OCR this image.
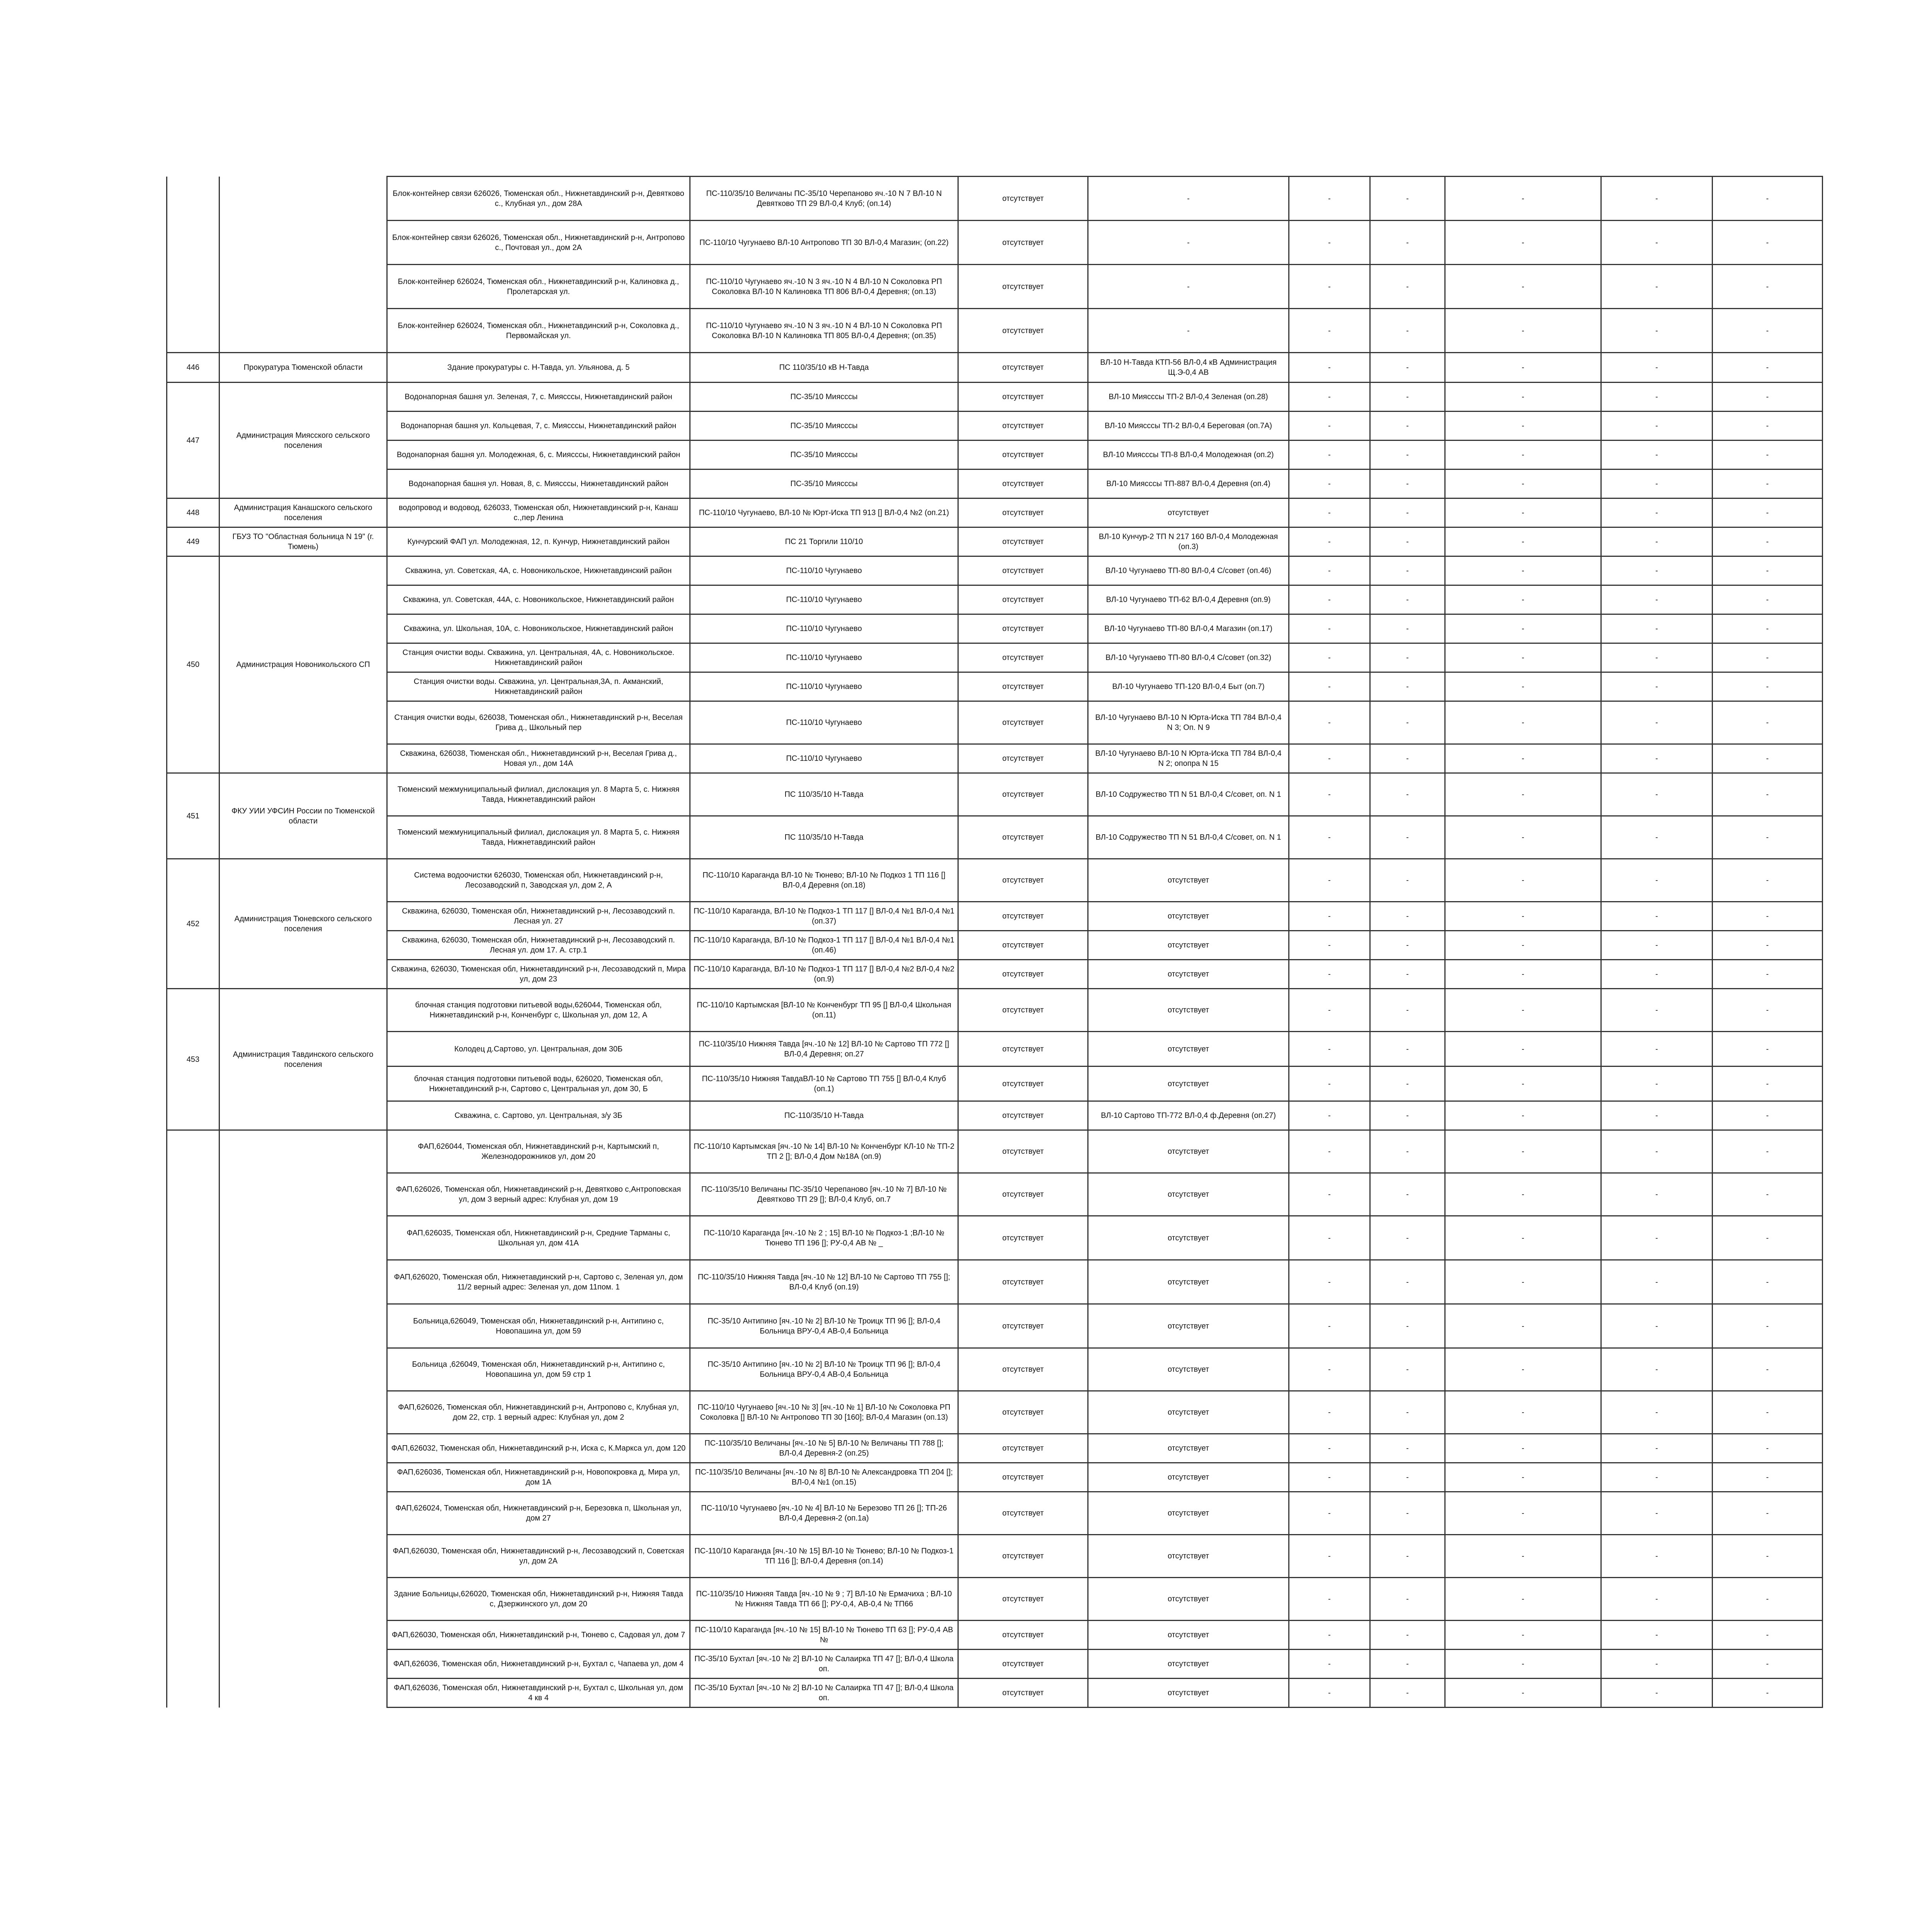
		Блок-контейнер связи 626026, Тюменская обл., Нижнетавдинский р-н, Девятково с., Клубная ул., дом 28А	ПС-110/35/10 Величаны ПС-35/10 Черепаново яч.-10 N 7 ВЛ-10 N Девятково ТП 29 ВЛ-0,4 Клуб; (оп.14)	отсутствует	-	-	-	-	-	-
		Блок-контейнер связи 626026, Тюменская обл., Нижнетавдинский р-н, Антропово с., Почтовая ул., дом 2А	ПС-110/10 Чугунаево ВЛ-10 Антропово ТП 30 ВЛ-0,4 Магазин; (оп.22)	отсутствует	-	-	-	-	-	-
		Блок-контейнер 626024, Тюменская обл., Нижнетавдинский р-н, Калиновка д., Пролетарская ул.	ПС-110/10 Чугунаево яч.-10 N 3 яч.-10 N 4 ВЛ-10 N Соколовка РП Соколовка ВЛ-10 N Калиновка ТП 806 ВЛ-0,4 Деревня; (оп.13)	отсутствует	-	-	-	-	-	-
		Блок-контейнер 626024, Тюменская обл., Нижнетавдинский р-н, Соколовка д., Первомайская ул.	ПС-110/10 Чугунаево яч.-10 N 3 яч.-10 N 4 ВЛ-10 N Соколовка РП Соколовка ВЛ-10 N Калиновка ТП 805 ВЛ-0,4 Деревня; (оп.35)	отсутствует	-	-	-	-	-	-
446	Прокуратура Тюменской области	Здание прокуратуры с. Н-Тавда, ул. Ульянова, д. 5	ПС 110/35/10 кВ Н-Тавда	отсутствует	ВЛ-10 Н-Тавда КТП-56 ВЛ-0,4 кВ Администрация Щ.Э-0,4 АВ	-	-	-	-	-
447	Администрация Миясского сельского поселения	Водонапорная башня ул. Зеленая, 7, с. Миясссы, Нижнетавдинский район	ПС-35/10 Миясссы	отсутствует	ВЛ-10 Миясссы ТП-2 ВЛ-0,4 Зеленая (оп.28)	-	-	-	-	-
		Водонапорная башня ул. Кольцевая, 7, с. Миясссы, Нижнетавдинский район	ПС-35/10 Миясссы	отсутствует	ВЛ-10 Миясссы ТП-2 ВЛ-0,4 Береговая (оп.7А)	-	-	-	-	-
		Водонапорная башня ул. Молодежная, 6, с. Миясссы, Нижнетавдинский район	ПС-35/10 Миясссы	отсутствует	ВЛ-10 Миясссы ТП-8 ВЛ-0,4 Молодежная (оп.2)	-	-	-	-	-
		Водонапорная башня ул. Новая, 8, с. Миясссы, Нижнетавдинский район	ПС-35/10 Миясссы	отсутствует	ВЛ-10 Миясссы ТП-887 ВЛ-0,4 Деревня (оп.4)	-	-	-	-	-
448	Администрация Канашского сельского поселения	водопровод и водовод, 626033, Тюменская обл, Нижнетавдинский р-н, Канаш с.,пер Ленина	ПС-110/10 Чугунаево, ВЛ-10 № Юрт-Иска ТП 913 [] ВЛ-0,4 №2 (оп.21)	отсутствует	отсутствует	-	-	-	-	-
449	ГБУЗ ТО "Областная больница N 19" (г. Тюмень)	Кунчурский ФАП ул. Молодежная, 12, п. Кунчур, Нижнетавдинский район	ПС 21 Торгили 110/10	отсутствует	ВЛ-10 Кунчур-2 ТП N 217 160 ВЛ-0,4 Молодежная (оп.3)	-	-	-	-	-
450	Администрация Новоникольского СП	Скважина, ул. Советская, 4А, с. Новоникольское, Нижнетавдинский район	ПС-110/10 Чугунаево	отсутствует	ВЛ-10 Чугунаево ТП-80 ВЛ-0,4 С/совет (оп.46)	-	-	-	-	-
		Скважина, ул. Советская, 44А, с. Новоникольское, Нижнетавдинский район	ПС-110/10 Чугунаево	отсутствует	ВЛ-10 Чугунаево ТП-62 ВЛ-0,4 Деревня (оп.9)	-	-	-	-	-
		Скважина, ул. Школьная, 10А, с. Новоникольское, Нижнетавдинский район	ПС-110/10 Чугунаево	отсутствует	ВЛ-10 Чугунаево ТП-80 ВЛ-0,4 Магазин (оп.17)	-	-	-	-	-
		Станция очистки воды. Скважина, ул. Центральная, 4А, с. Новоникольское. Нижнетавдинский район	ПС-110/10 Чугунаево	отсутствует	ВЛ-10 Чугунаево ТП-80 ВЛ-0,4 С/совет (оп.32)	-	-	-	-	-
		Станция очистки воды. Скважина, ул. Центральная,3А, п. Акманский, Нижнетавдинский район	ПС-110/10 Чугунаево	отсутствует	ВЛ-10 Чугунаево ТП-120 ВЛ-0,4 Быт (оп.7)	-	-	-	-	-
		Станция очистки воды, 626038, Тюменская обл., Нижнетавдинский р-н, Веселая Грива д., Школьный пер	ПС-110/10 Чугунаево	отсутствует	ВЛ-10 Чугунаево ВЛ-10 N Юрта-Иска ТП 784 ВЛ-0,4 N 3; Оп. N 9	-	-	-	-	-
		Скважина, 626038, Тюменская обл., Нижнетавдинский р-н, Веселая Грива д., Новая ул., дом 14А	ПС-110/10 Чугунаево	отсутствует	ВЛ-10 Чугунаево ВЛ-10 N Юрта-Иска ТП 784 ВЛ-0,4 N 2; опопра N 15	-	-	-	-	-
451	ФКУ УИИ УФСИН России по Тюменской области	Тюменский межмуниципальный филиал, дислокация ул. 8 Марта 5, с. Нижняя Тавда, Нижнетавдинский район	ПС 110/35/10 Н-Тавда	отсутствует	ВЛ-10 Содружество ТП N 51 ВЛ-0,4 С/совет, оп. N 1	-	-	-	-	-
		Тюменский межмуниципальный филиал, дислокация ул. 8 Марта 5, с. Нижняя Тавда, Нижнетавдинский район	ПС 110/35/10 Н-Тавда	отсутствует	ВЛ-10 Содружество ТП N 51 ВЛ-0,4 С/совет, оп. N 1	-	-	-	-	-
452	Администрация Тюневского сельского поселения	Система водоочистки 626030, Тюменская обл, Нижнетавдинский р-н, Лесозаводский п, Заводская ул, дом 2, А	ПС-110/10 Караганда ВЛ-10 № Тюнево; ВЛ-10 № Подкоз 1 ТП 116 [] ВЛ-0,4 Деревня (оп.18)	отсутствует	отсутствует	-	-	-	-	-
		Скважина, 626030, Тюменская обл, Нижнетавдинский р-н, Лесозаводский п. Лесная ул. 27	ПС-110/10 Караганда, ВЛ-10 № Подкоз-1 ТП 117 [] ВЛ-0,4 №1 ВЛ-0,4 №1 (оп.37)	отсутствует	отсутствует	-	-	-	-	-
		Скважина, 626030, Тюменская обл, Нижнетавдинский р-н, Лесозаводский п. Лесная ул. дом 17. А. стр.1	ПС-110/10 Караганда, ВЛ-10 № Подкоз-1 ТП 117 [] ВЛ-0,4 №1 ВЛ-0,4 №1 (оп.46)	отсутствует	отсутствует	-	-	-	-	-
		Скважина, 626030, Тюменская обл, Нижнетавдинский р-н, Лесозаводский п, Мира ул, дом 23	ПС-110/10 Караганда, ВЛ-10 № Подкоз-1 ТП 117 [] ВЛ-0,4 №2 ВЛ-0,4 №2 (оп.9)	отсутствует	отсутствует	-	-	-	-	-
453	Администрация Тавдинского сельского поселения	блочная станция подготовки питьевой воды,626044, Тюменская обл, Нижнетавдинский р-н, Конченбург с, Школьная ул, дом 12, А	ПС-110/10 Картымская [ВЛ-10 № Конченбург ТП 95 [] ВЛ-0,4 Школьная (оп.11)	отсутствует	отсутствует	-	-	-	-	-
		Колодец д.Сартово, ул. Центральная, дом 30Б	ПС-110/35/10 Нижняя Тавда [яч.-10 № 12] ВЛ-10 № Сартово ТП 772 [] ВЛ-0,4 Деревня; оп.27	отсутствует	отсутствует	-	-	-	-	-
		блочная станция подготовки питьевой воды, 626020, Тюменская обл, Нижнетавдинский р-н, Сартово с, Центральная ул, дом 30, Б	ПС-110/35/10 Нижняя ТавдаВЛ-10 № Сартово ТП 755 [] ВЛ-0,4 Клуб (оп.1)	отсутствует	отсутствует	-	-	-	-	-
		Скважина, с. Сартово, ул. Центральная, з/у 3Б	ПС-110/35/10 Н-Тавда	отсутствует	ВЛ-10 Сартово ТП-772 ВЛ-0,4 ф.Деревня (оп.27)	-	-	-	-	-
		ФАП,626044, Тюменская обл, Нижнетавдинский р-н, Картымский п, Железнодорожников ул, дом 20	ПС-110/10 Картымская [яч.-10 № 14] ВЛ-10 № Конченбург КЛ-10 № ТП-2 ТП 2 []; ВЛ-0,4 Дом №18А (оп.9)	отсутствует	отсутствует	-	-	-	-	-
		ФАП,626026, Тюменская обл, Нижнетавдинский р-н, Девятково с,Антроповская ул, дом 3 верный адрес: Клубная ул, дом 19	ПС-110/35/10 Величаны ПС-35/10 Черепаново [яч.-10 № 7] ВЛ-10 № Девятково ТП 29 []; ВЛ-0,4 Клуб, оп.7	отсутствует	отсутствует	-	-	-	-	-
		ФАП,626035, Тюменская обл, Нижнетавдинский р-н, Средние Тарманы с, Школьная ул, дом 41А	ПС-110/10 Караганда [яч.-10 № 2 ; 15] ВЛ-10 № Подкоз-1 ;ВЛ-10 № Тюнево ТП 196 []; РУ-0,4 АВ № _	отсутствует	отсутствует	-	-	-	-	-
		ФАП,626020, Тюменская обл, Нижнетавдинский р-н, Сартово с, Зеленая ул, дом 11/2 верный адрес: Зеленая ул, дом 11пом. 1	ПС-110/35/10 Нижняя Тавда [яч.-10 № 12] ВЛ-10 № Сартово ТП 755 []; ВЛ-0,4 Клуб (оп.19)	отсутствует	отсутствует	-	-	-	-	-
		Больница,626049, Тюменская обл, Нижнетавдинский р-н, Антипино с, Новопашина ул, дом 59	ПС-35/10 Антипино [яч.-10 № 2] ВЛ-10 № Троицк ТП 96 []; ВЛ-0,4 Больница ВРУ-0,4 АВ-0,4 Больница	отсутствует	отсутствует	-	-	-	-	-
		Больница ,626049, Тюменская обл, Нижнетавдинский р-н, Антипино с, Новопашина ул, дом 59 стр 1	ПС-35/10 Антипино [яч.-10 № 2] ВЛ-10 № Троицк ТП 96 []; ВЛ-0,4 Больница ВРУ-0,4 АВ-0,4 Больница	отсутствует	отсутствует	-	-	-	-	-
		ФАП,626026, Тюменская обл, Нижнетавдинский р-н, Антропово с, Клубная ул, дом 22, стр. 1 верный адрес: Клубная ул, дом 2	ПС-110/10 Чугунаево [яч.-10 № 3] [яч.-10 № 1] ВЛ-10 № Соколовка РП Соколовка [] ВЛ-10 № Антропово ТП 30 [160]; ВЛ-0,4 Магазин (оп.13)	отсутствует	отсутствует	-	-	-	-	-
		ФАП,626032, Тюменская обл, Нижнетавдинский р-н, Иска с, К.Маркса ул, дом 120	ПС-110/35/10 Величаны [яч.-10 № 5] ВЛ-10 № Величаны ТП 788 []; ВЛ-0,4 Деревня-2 (оп.25)	отсутствует	отсутствует	-	-	-	-	-
		ФАП,626036, Тюменская обл, Нижнетавдинский р-н, Новопокровка д, Мира ул, дом 1А	ПС-110/35/10 Величаны [яч.-10 № 8] ВЛ-10 № Александровка ТП 204 []; ВЛ-0,4 №1 (оп.15)	отсутствует	отсутствует	-	-	-	-	-
		ФАП,626024, Тюменская обл, Нижнетавдинский р-н, Березовка п, Школьная ул, дом 27	ПС-110/10 Чугунаево [яч.-10 № 4] ВЛ-10 № Березово ТП 26 []; ТП-26 ВЛ-0,4 Деревня-2 (оп.1а)	отсутствует	отсутствует	-	-	-	-	-
		ФАП,626030, Тюменская обл, Нижнетавдинский р-н, Лесозаводский п, Советская ул, дом 2А	ПС-110/10 Караганда [яч.-10 № 15] ВЛ-10 № Тюнево; ВЛ-10 № Подкоз-1 ТП 116 []; ВЛ-0,4 Деревня (оп.14)	отсутствует	отсутствует	-	-	-	-	-
		Здание Больницы,626020, Тюменская обл, Нижнетавдинский р-н, Нижняя Тавда с, Дзержинского ул, дом 20	ПС-110/35/10 Нижняя Тавда [яч.-10 № 9 ; 7] ВЛ-10 № Ермачиха ; ВЛ-10 № Нижняя Тавда ТП 66 []; РУ-0,4, АВ-0,4 № ТП66	отсутствует	отсутствует	-	-	-	-	-
		ФАП,626030, Тюменская обл, Нижнетавдинский р-н, Тюнево с, Садовая ул, дом 7	ПС-110/10 Караганда [яч.-10 № 15] ВЛ-10 № Тюнево ТП 63 []; РУ-0,4 АВ №	отсутствует	отсутствует	-	-	-	-	-
		ФАП,626036, Тюменская обл, Нижнетавдинский р-н, Бухтал с, Чапаева ул, дом 4	ПС-35/10 Бухтал [яч.-10 № 2] ВЛ-10 № Салаирка ТП 47 []; ВЛ-0,4 Школа оп.	отсутствует	отсутствует	-	-	-	-	-
		ФАП,626036, Тюменская обл, Нижнетавдинский р-н, Бухтал с, Школьная ул, дом 4 кв 4	ПС-35/10 Бухтал [яч.-10 № 2] ВЛ-10 № Салаирка ТП 47 []; ВЛ-0,4 Школа оп.	отсутствует	отсутствует	-	-	-	-	-
